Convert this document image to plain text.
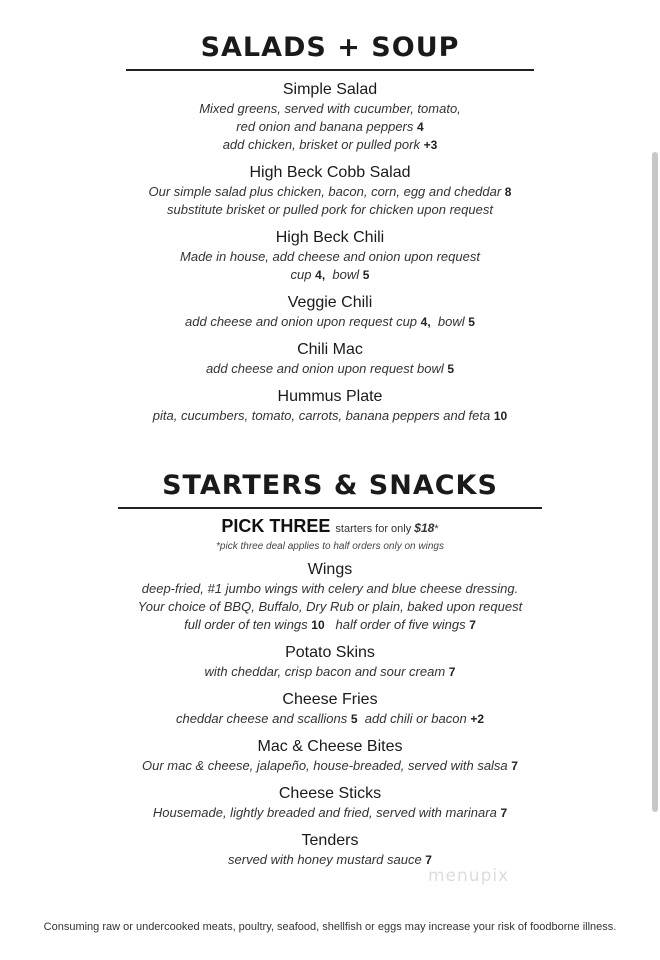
SALADS + SOUP
Simple Salad
Mixed greens, served with cucumber, tomato,
red onion and banana peppers 4
add chicken, brisket or pulled pork +3
High Beck Cobb Salad
Our simple salad plus chicken, bacon, corn, egg and cheddar 8
substitute brisket or pulled pork for chicken upon request
High Beck Chili
Made in house, add cheese and onion upon request
cup 4, bowl 5
Veggie Chili
add cheese and onion upon request cup 4, bowl 5
Chili Mac
add cheese and onion upon request bowl 5
Hummus Plate
pita, cucumbers, tomato, carrots, banana peppers and feta 10
STARTERS & SNACKS
PICK THREE starters for only $18*
*pick three deal applies to half orders only on wings
Wings
deep-fried, #1 jumbo wings with celery and blue cheese dressing.
Your choice of BBQ, Buffalo, Dry Rub or plain, baked upon request
full order of ten wings 10 half order of five wings 7
Potato Skins
with cheddar, crisp bacon and sour cream 7
Cheese Fries
cheddar cheese and scallions 5 add chili or bacon +2
Mac & Cheese Bites
Our mac & cheese, jalapeño, house-breaded, served with salsa 7
Cheese Sticks
Housemade, lightly breaded and fried, served with marinara 7
Tenders
served with honey mustard sauce 7
menupix
Consuming raw or undercooked meats, poultry, seafood, shellfish or eggs may increase your risk of foodborne illness.
